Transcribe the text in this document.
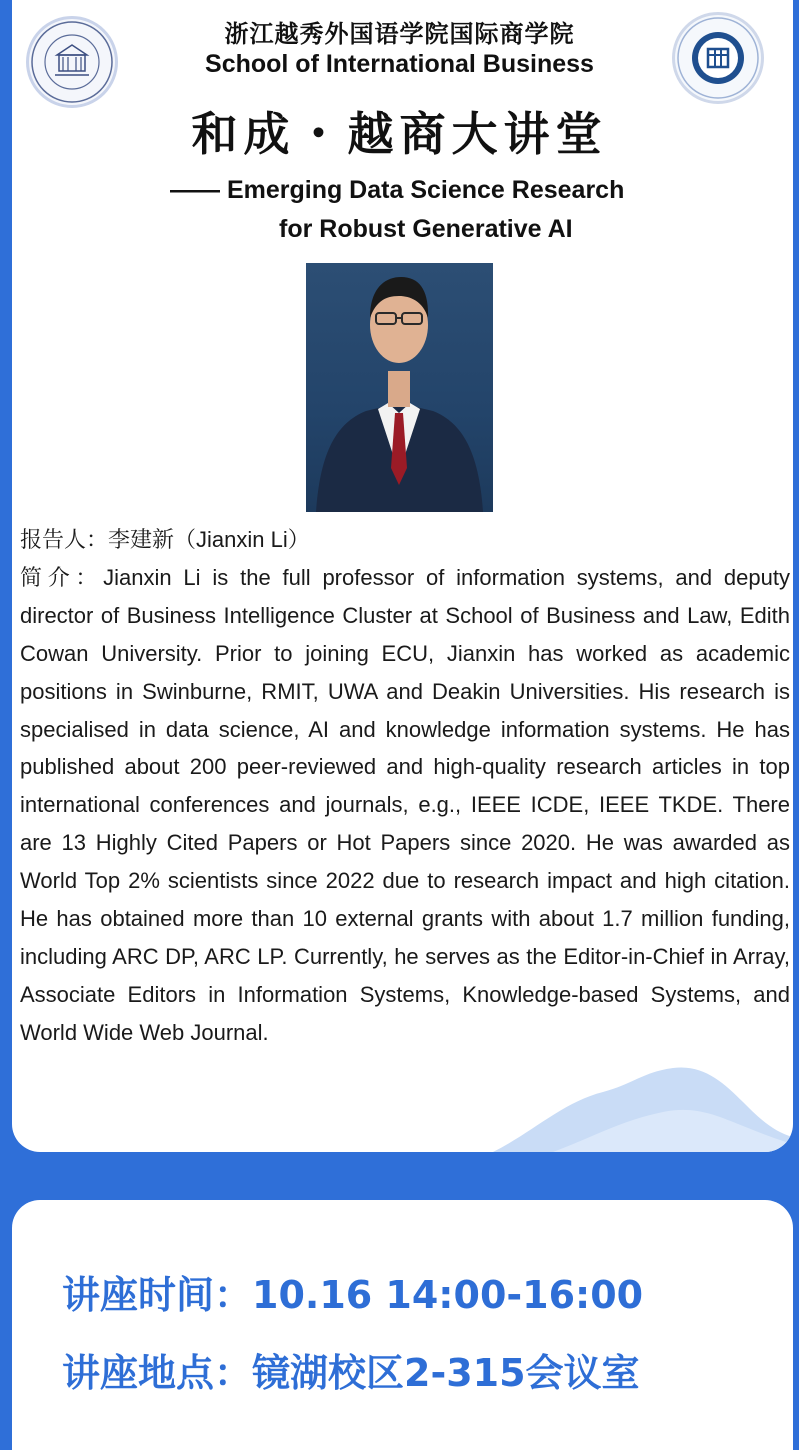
浙江越秀外国语学院国际商学院
School of International Business
和成・越商大讲堂
—— Emerging Data Science Research
for Robust Generative AI

报告人：李建新（Jianxin Li）

简介：Jianxin Li is the full professor of information systems, and deputy director of Business Intelligence Cluster at School of Business and Law, Edith Cowan University. Prior to joining ECU, Jianxin has worked as academic positions in Swinburne, RMIT, UWA and Deakin Universities. His research is specialised in data science, AI and knowledge information systems. He has published about 200 peer-reviewed and high-quality research articles in top international conferences and journals, e.g., IEEE ICDE, IEEE TKDE. There are 13 Highly Cited Papers or Hot Papers since 2020. He was awarded as World Top 2% scientists since 2022 due to research impact and high citation. He has obtained more than 10 external grants with about 1.7 million funding, including ARC DP, ARC LP. Currently, he serves as the Editor-in-Chief in Array, Associate Editors in Information Systems, Knowledge-based Systems, and World Wide Web Journal.

讲座时间：10.16 14:00-16:00
讲座地点：镜湖校区2-315会议室
